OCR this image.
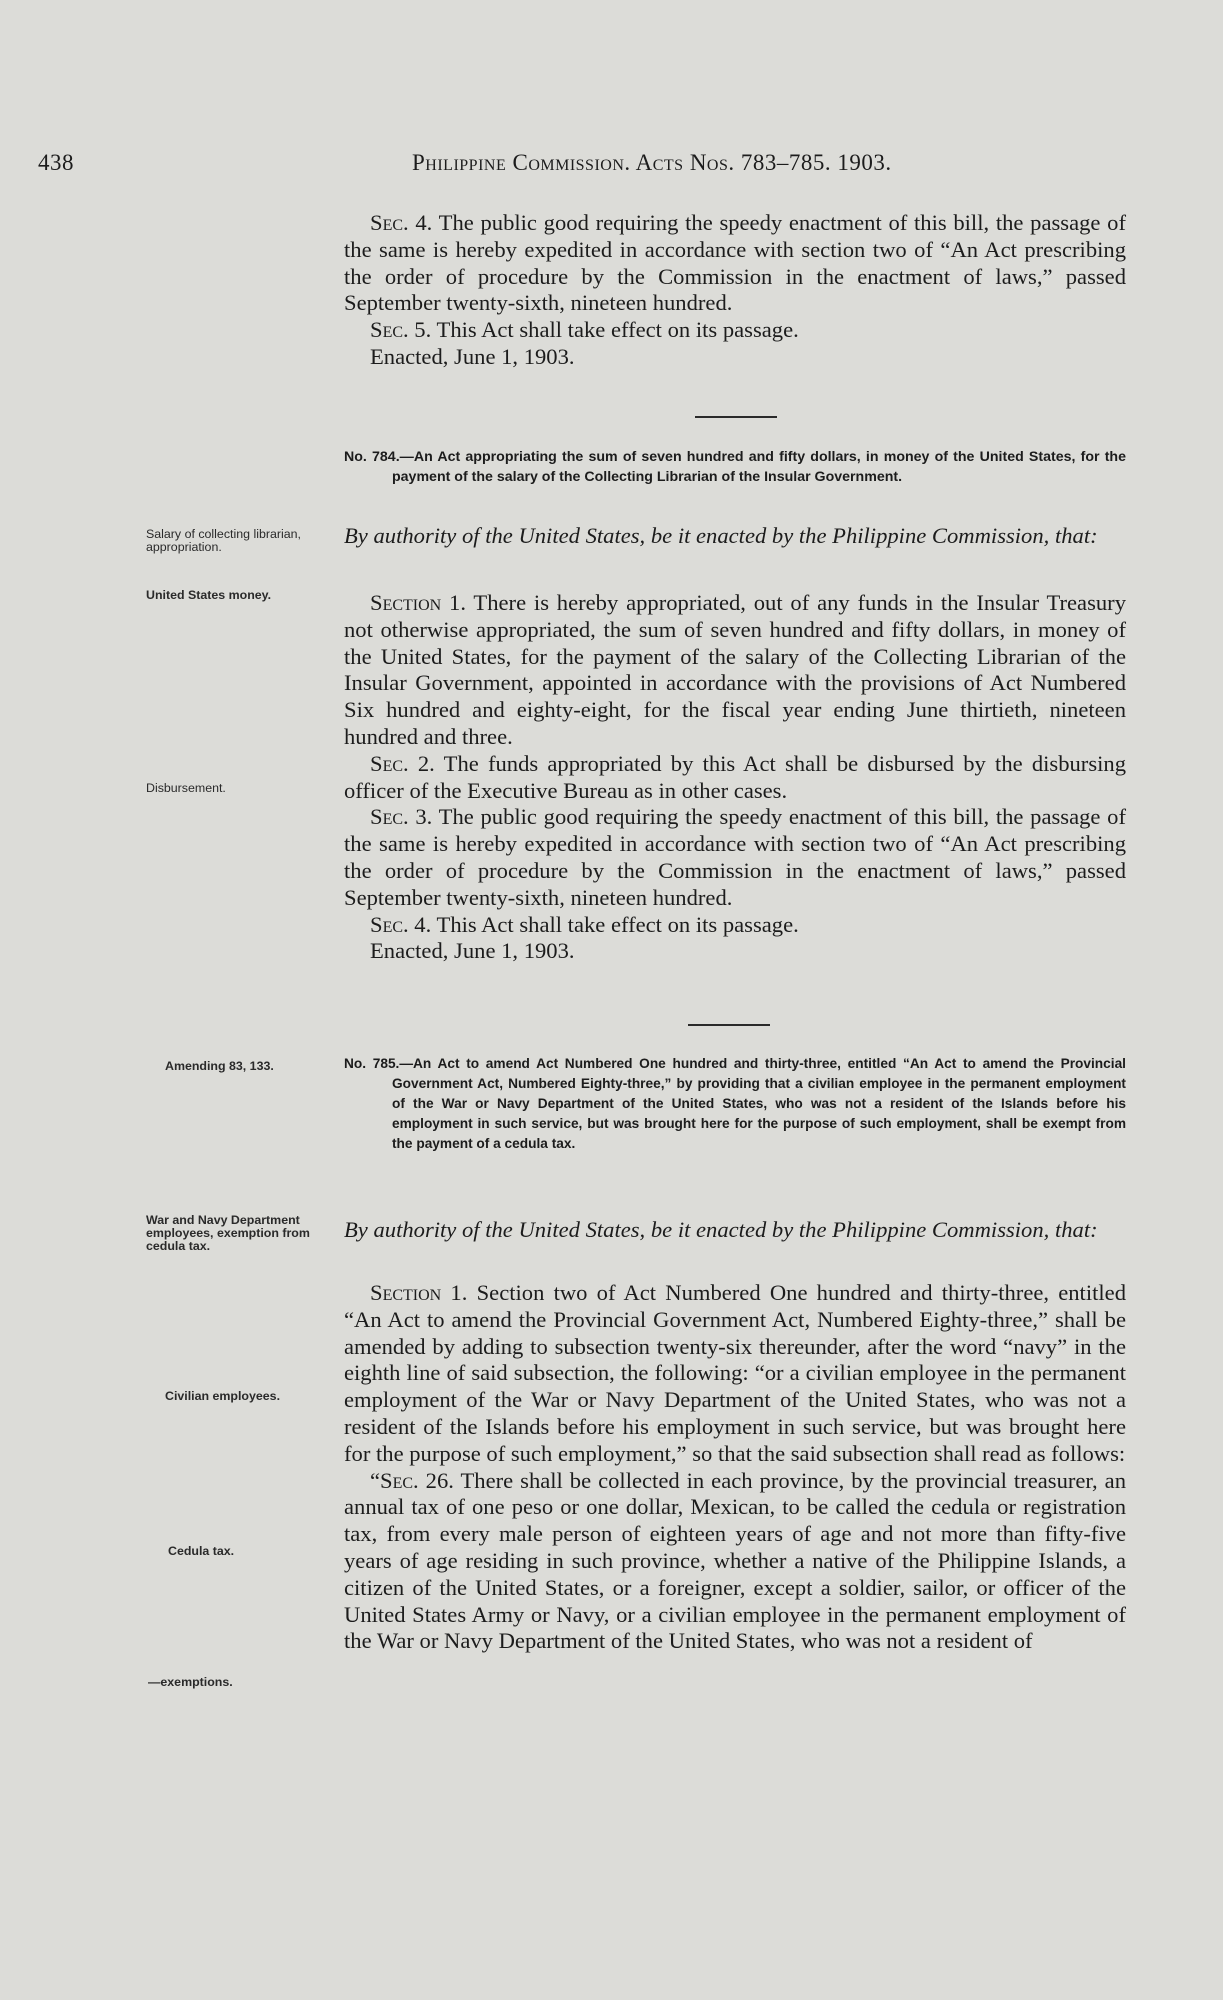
438	Philippine Commission. Acts Nos. 783–785. 1903.

Sec. 4. The public good requiring the speedy enactment of this bill, the passage of the same is hereby expedited in accordance with section two of “An Act prescribing the order of procedure by the Commission in the enactment of laws,” passed September twenty-sixth, nineteen hundred.

Sec. 5. This Act shall take effect on its passage.

Enacted, June 1, 1903.

No. 784.—An Act appropriating the sum of seven hundred and fifty dollars, in money of the United States, for the payment of the salary of the Collecting Librarian of the Insular Government.

By authority of the United States, be it enacted by the Philippine Commission, that:

Section 1. There is hereby appropriated, out of any funds in the Insular Treasury not otherwise appropriated, the sum of seven hundred and fifty dollars, in money of the United States, for the payment of the salary of the Collecting Librarian of the Insular Government, appointed in accordance with the provisions of Act Numbered Six hundred and eighty-eight, for the fiscal year ending June thirtieth, nineteen hundred and three.

Sec. 2. The funds appropriated by this Act shall be disbursed by the disbursing officer of the Executive Bureau as in other cases.

Sec. 3. The public good requiring the speedy enactment of this bill, the passage of the same is hereby expedited in accordance with section two of “An Act prescribing the order of procedure by the Commission in the enactment of laws,” passed September twenty-sixth, nineteen hundred.

Sec. 4. This Act shall take effect on its passage.

Enacted, June 1, 1903.

No. 785.—An Act to amend Act Numbered One hundred and thirty-three, entitled “An Act to amend the Provincial Government Act, Numbered Eighty-three,” by providing that a civilian employee in the permanent employment of the War or Navy Department of the United States, who was not a resident of the Islands before his employment in such service, but was brought here for the purpose of such employment, shall be exempt from the payment of a cedula tax.

By authority of the United States, be it enacted by the Philippine Commission, that:

Section 1. Section two of Act Numbered One hundred and thirty-three, entitled “An Act to amend the Provincial Government Act, Numbered Eighty-three,” shall be amended by adding to subsection twenty-six thereunder, after the word “navy” in the eighth line of said subsection, the following: “or a civilian employee in the permanent employment of the War or Navy Department of the United States, who was not a resident of the Islands before his employment in such service, but was brought here for the purpose of such employment,” so that the said subsection shall read as follows:

“Sec. 26. There shall be collected in each province, by the provincial treasurer, an annual tax of one peso or one dollar, Mexican, to be called the cedula or registration tax, from every male person of eighteen years of age and not more than fifty-five years of age residing in such province, whether a native of the Philippine Islands, a citizen of the United States, or a foreigner, except a soldier, sailor, or officer of the United States Army or Navy, or a civilian employee in the permanent employment of the War or Navy Department of the United States, who was not a resident of

Salary of collecting librarian, appropriation.
United States money.
Disbursement.
Amending 83, 133.
War and Navy Department employees, exemption from cedula tax.
Civilian employees.
Cedula tax.
—exemptions.
